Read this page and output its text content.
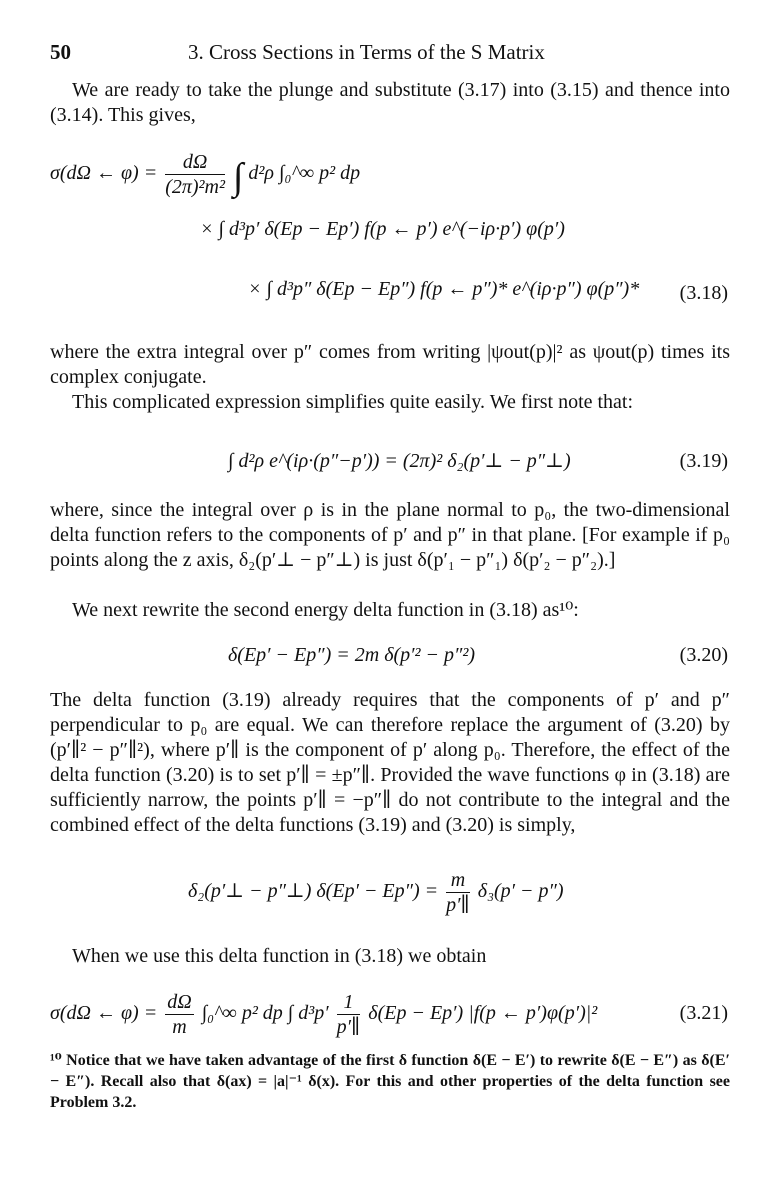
50	3. Cross Sections in Terms of the S Matrix

We are ready to take the plunge and substitute (3.17) into (3.15) and thence into (3.14). This gives,

σ(dΩ ← $\varphi) = \frac{d\Omega}{\text{(2π)²m²}}$ ∫ d²ρ ∫₀^∞ p² dp
× ∫ d³p′ δ(Ep − Ep′) f(p ← p′) e^(−iρ·p′) φ(p′)
× ∫ d³p″ δ(Ep − Ep″) f(p ← p″)* e^(iρ·p″) φ(p″)* (3.18)

where the extra integral over p″ comes from writing |ψout(p)|² as ψout(p) times its complex conjugate.

This complicated expression simplifies quite easily. We first note that:

∫ d²ρ e^(iρ·(p″−p′)) = (2π)² δ₂(p′⊥ − p″⊥)	(3.19)

where, since the integral over ρ is in the plane normal to p₀, the two-dimensional delta function refers to the components of p′ and p″ in that plane. [For example if p₀ points along the z axis, δ₂(p′⊥ − p″⊥) is just δ(p′₁ − p″₁) δ(p′₂ − p″₂).]

We next rewrite the second energy delta function in (3.18) as¹⁰:

δ(Ep′ − Ep″) = 2m δ(p′² − p″²)	(3.20)

The delta function (3.19) already requires that the components of p′ and p″ perpendicular to p₀ are equal. We can therefore replace the argument of (3.20) by (p′∥² − p″∥²), where p′∥ is the component of p′ along p₀. Therefore, the effect of the delta function (3.20) is to set p′∥ = ±p″∥. Provided the wave functions φ in (3.18) are sufficiently narrow, the points p′∥ = −p″∥ do not contribute to the integral and the combined effect of the delta functions (3.19) and (3.20) is simply,

δ₂(p′⊥ − p″⊥) $\delta(Ep' - Ep'') = \frac{m}{p'\parallel} \delta_3(p' - p'')$

When we use this delta function in (3.18) we obtain

σ(dΩ ← $\varphi) = \frac{d\Omega}{m}$ ∫₀^∞ p² dp ∫ $d^3p' \frac{1}{p'\parallel} \delta(Ep - Ep')$ |f(p ← p′)φ(p′)|²	(3.21)

¹⁰ Notice that we have taken advantage of the first δ function δ(E − E′) to rewrite δ(E − E″) as δ(E′ − E″). Recall also that δ(ax) = |a|⁻¹ δ(x). For this and other properties of the delta function see Problem 3.2.
